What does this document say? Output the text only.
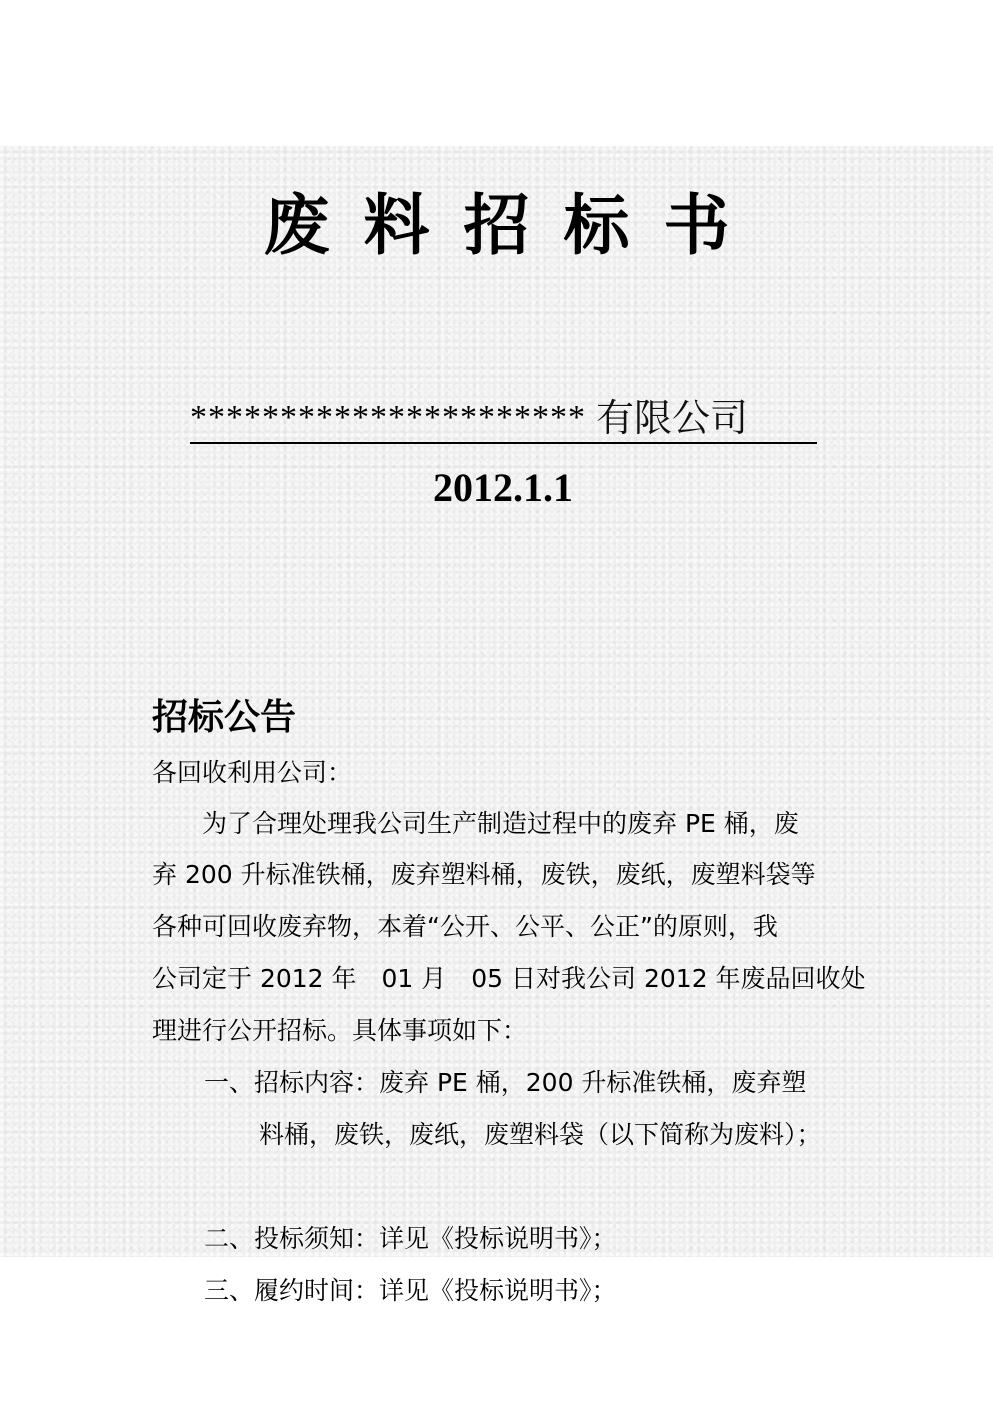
废 料 招 标 书
********************** 有限公司
2012.1.1
招标公告
各回收利用公司：
　　为了合理处理我公司生产制造过程中的废弃 PE 桶，废
弃 200 升标准铁桶，废弃塑料桶，废铁，废纸，废塑料袋等
各种可回收废弃物，本着“公开、公平、公正”的原则，我
公司定于 2012 年　01 月　05 日对我公司 2012 年废品回收处
理进行公开招标。具体事项如下：
一、招标内容：废弃 PE 桶，200 升标准铁桶，废弃塑
料桶，废铁，废纸，废塑料袋（以下简称为废料）；
二、投标须知：详见《投标说明书》；
三、履约时间：详见《投标说明书》；
